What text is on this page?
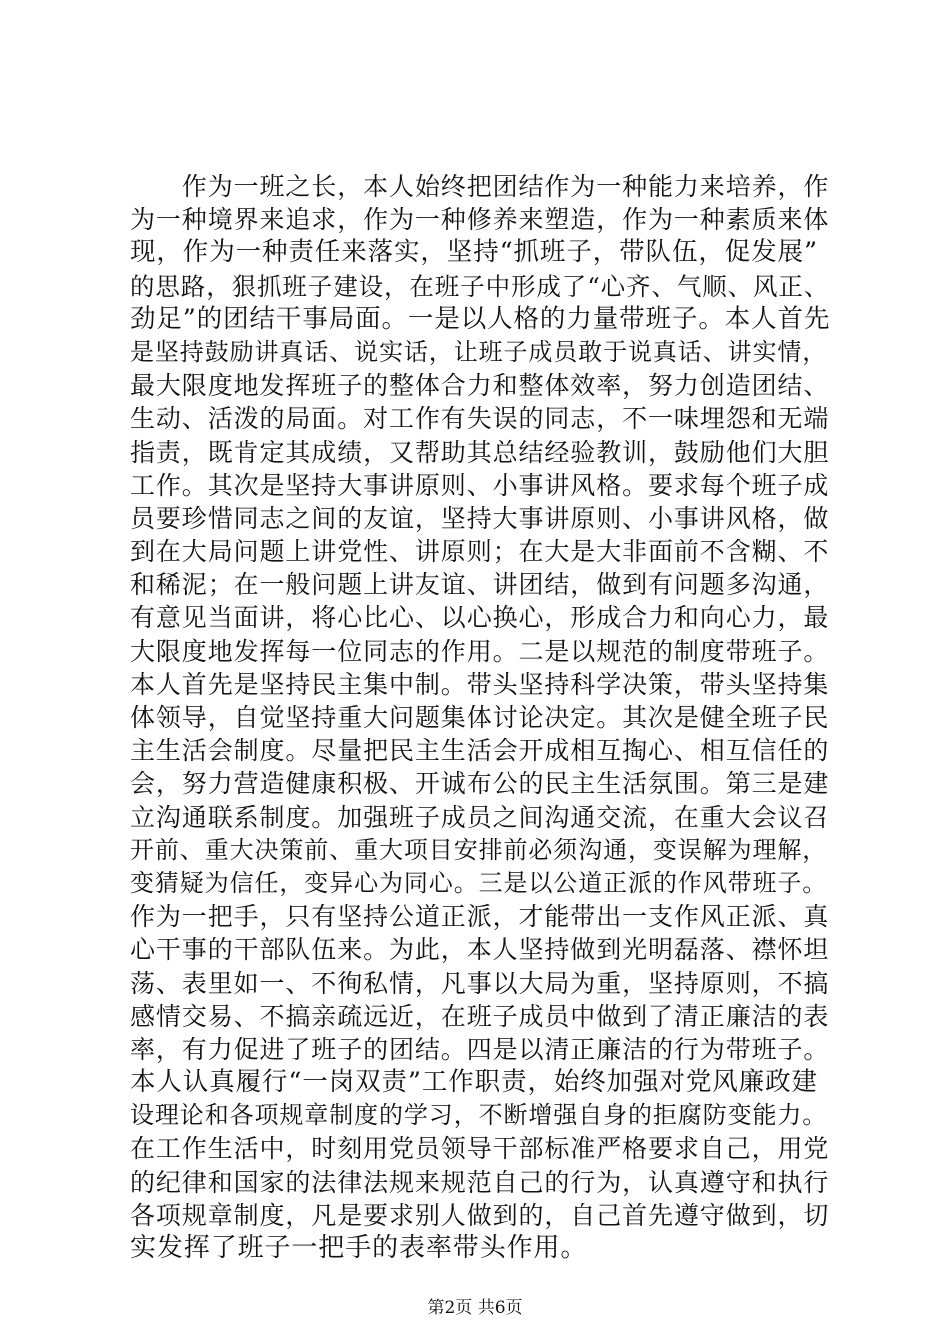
　　作为一班之长，本人始终把团结作为一种能力来培养，作
为一种境界来追求，作为一种修养来塑造，作为一种素质来体
现，作为一种责任来落实，坚持“抓班子，带队伍，促发展”
的思路，狠抓班子建设，在班子中形成了“心齐、气顺、风正、
劲足”的团结干事局面。一是以人格的力量带班子。本人首先
是坚持鼓励讲真话、说实话，让班子成员敢于说真话、讲实情，
最大限度地发挥班子的整体合力和整体效率，努力创造团结、
生动、活泼的局面。对工作有失误的同志，不一味埋怨和无端
指责，既肯定其成绩，又帮助其总结经验教训，鼓励他们大胆
工作。其次是坚持大事讲原则、小事讲风格。要求每个班子成
员要珍惜同志之间的友谊，坚持大事讲原则、小事讲风格，做
到在大局问题上讲党性、讲原则；在大是大非面前不含糊、不
和稀泥；在一般问题上讲友谊、讲团结，做到有问题多沟通，
有意见当面讲，将心比心、以心换心，形成合力和向心力，最
大限度地发挥每一位同志的作用。二是以规范的制度带班子。
本人首先是坚持民主集中制。带头坚持科学决策，带头坚持集
体领导，自觉坚持重大问题集体讨论决定。其次是健全班子民
主生活会制度。尽量把民主生活会开成相互掏心、相互信任的
会，努力营造健康积极、开诚布公的民主生活氛围。第三是建
立沟通联系制度。加强班子成员之间沟通交流，在重大会议召
开前、重大决策前、重大项目安排前必须沟通，变误解为理解，
变猜疑为信任，变异心为同心。三是以公道正派的作风带班子。
作为一把手，只有坚持公道正派，才能带出一支作风正派、真
心干事的干部队伍来。为此，本人坚持做到光明磊落、襟怀坦
荡、表里如一、不徇私情，凡事以大局为重，坚持原则，不搞
感情交易、不搞亲疏远近，在班子成员中做到了清正廉洁的表
率，有力促进了班子的团结。四是以清正廉洁的行为带班子。
本人认真履行“一岗双责”工作职责，始终加强对党风廉政建
设理论和各项规章制度的学习，不断增强自身的拒腐防变能力。
在工作生活中，时刻用党员领导干部标准严格要求自己，用党
的纪律和国家的法律法规来规范自己的行为，认真遵守和执行
各项规章制度，凡是要求别人做到的，自己首先遵守做到，切
实发挥了班子一把手的表率带头作用。
第2页 共6页
